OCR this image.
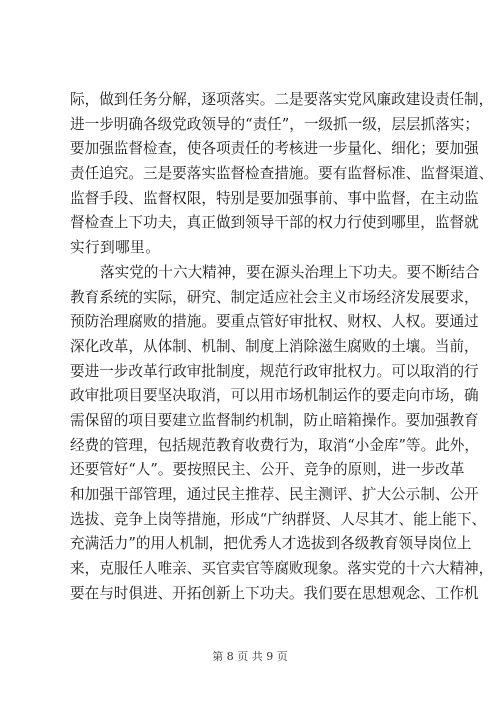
际，做到任务分解，逐项落实。二是要落实党风廉政建设责任制，
进一步明确各级党政领导的“责任”，一级抓一级，层层抓落实；
要加强监督检查，使各项责任的考核进一步量化、细化；要加强
责任追究。三是要落实监督检查措施。要有监督标准、监督渠道、
监督手段、监督权限，特别是要加强事前、事中监督，在主动监
督检查上下功夫，真正做到领导干部的权力行使到哪里，监督就
实行到哪里。
落实党的十六大精神，要在源头治理上下功夫。要不断结合
教育系统的实际，研究、制定适应社会主义市场经济发展要求，
预防治理腐败的措施。要重点管好审批权、财权、人权。要通过
深化改革，从体制、机制、制度上消除滋生腐败的土壤。当前，
要进一步改革行政审批制度，规范行政审批权力。可以取消的行
政审批项目要坚决取消，可以用市场机制运作的要走向市场，确
需保留的项目要建立监督制约机制，防止暗箱操作。要加强教育
经费的管理，包括规范教育收费行为，取消“小金库”等。此外，
还要管好“人”。要按照民主、公开、竞争的原则，进一步改革
和加强干部管理，通过民主推荐、民主测评、扩大公示制、公开
选拔、竞争上岗等措施，形成“广纳群贤、人尽其才、能上能下、
充满活力”的用人机制，把优秀人才选拔到各级教育领导岗位上
来，克服任人唯亲、买官卖官等腐败现象。落实党的十六大精神，
要在与时俱进、开拓创新上下功夫。我们要在思想观念、工作机
第 8 页 共 9 页
